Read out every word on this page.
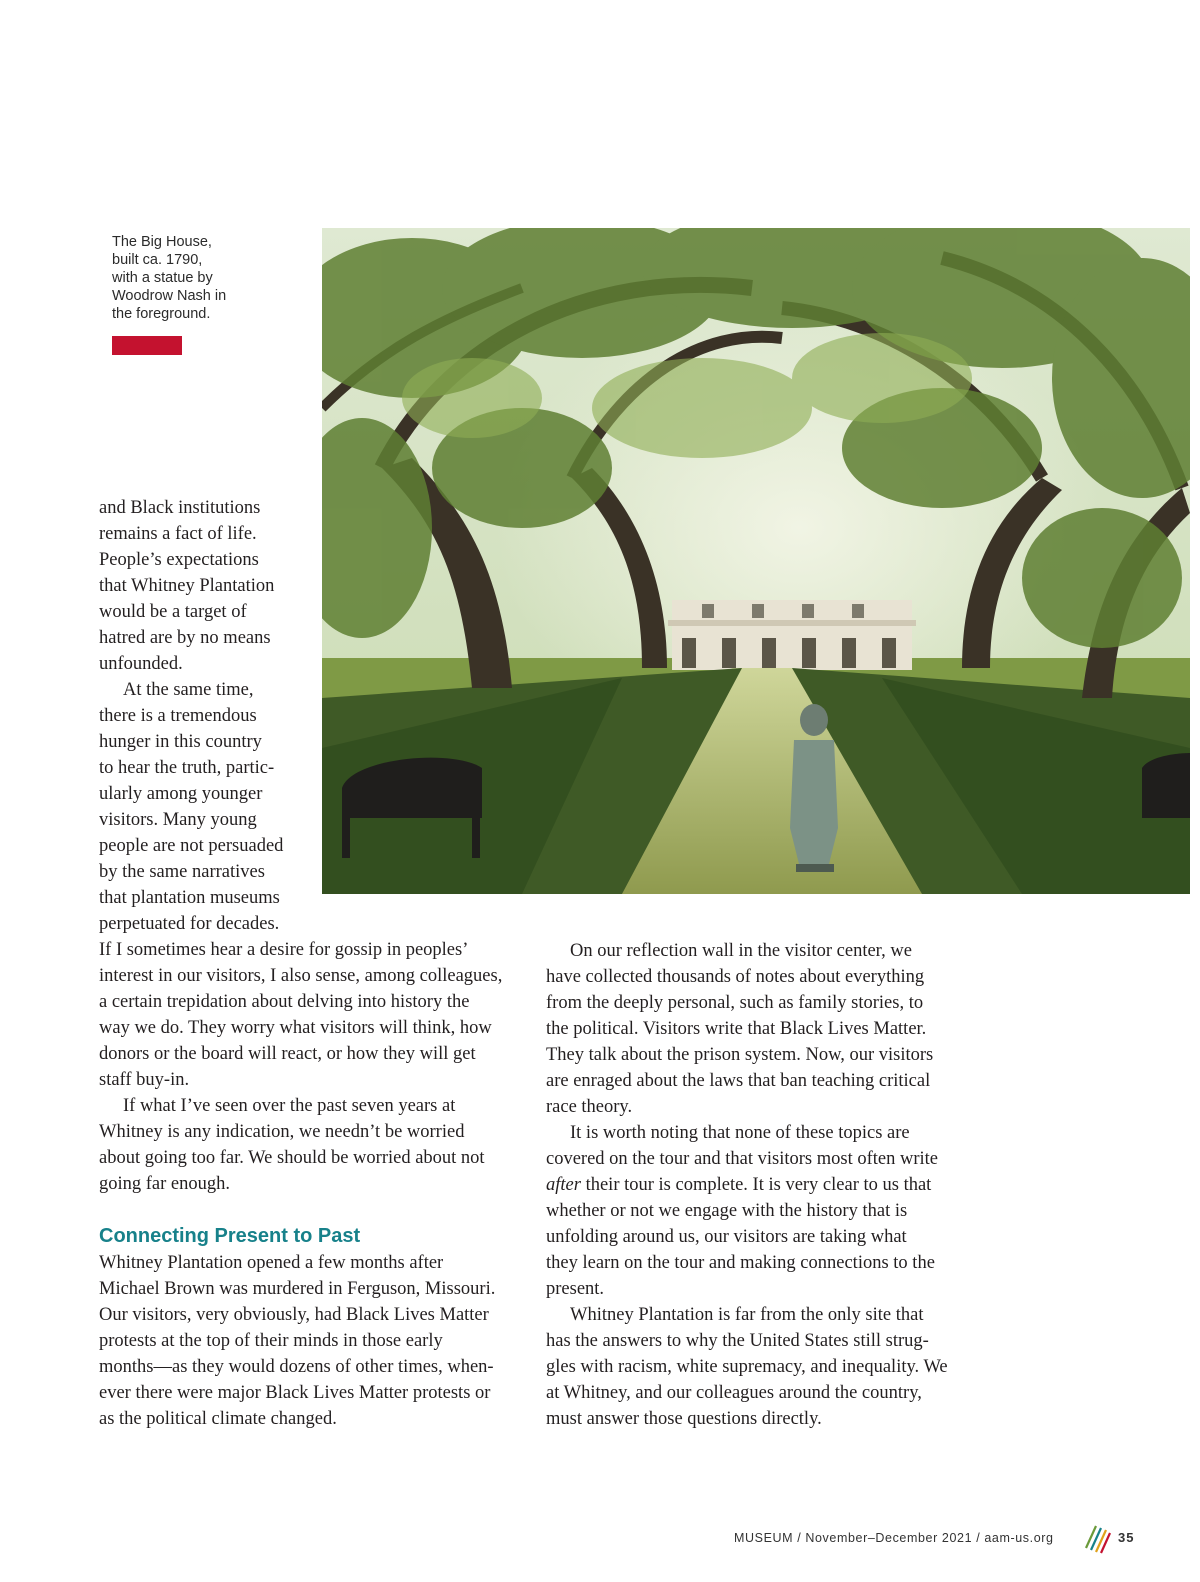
The Big House,
built ca. 1790,
with a statue by
Woodrow Nash in
the foreground.
and Black institutions
remains a fact of life.
People’s expectations
that Whitney Plantation
would be a target of
hatred are by no means
unfounded.
At the same time,
there is a tremendous
hunger in this country
to hear the truth, partic-
ularly among younger
visitors. Many young
people are not persuaded
by the same narratives
that plantation museums
perpetuated for decades.
If I sometimes hear a desire for gossip in peoples’
interest in our visitors, I also sense, among colleagues,
a certain trepidation about delving into history the
way we do. They worry what visitors will think, how
donors or the board will react, or how they will get
staff buy-in.
If what I’ve seen over the past seven years at
Whitney is any indication, we needn’t be worried
about going too far. We should be worried about not
going far enough.
Connecting Present to Past
Whitney Plantation opened a few months after
Michael Brown was murdered in Ferguson, Missouri.
Our visitors, very obviously, had Black Lives Matter
protests at the top of their minds in those early
months—as they would dozens of other times, when-
ever there were major Black Lives Matter protests or
as the political climate changed.
On our reflection wall in the visitor center, we
have collected thousands of notes about everything
from the deeply personal, such as family stories, to
the political. Visitors write that Black Lives Matter.
They talk about the prison system. Now, our visitors
are enraged about the laws that ban teaching critical
race theory.
It is worth noting that none of these topics are
covered on the tour and that visitors most often write
after their tour is complete. It is very clear to us that
whether or not we engage with the history that is
unfolding around us, our visitors are taking what
they learn on the tour and making connections to the
present.
Whitney Plantation is far from the only site that
has the answers to why the United States still strug-
gles with racism, white supremacy, and inequality. We
at Whitney, and our colleagues around the country,
must answer those questions directly.
MUSEUM / November–December 2021 / aam-us.org	35
